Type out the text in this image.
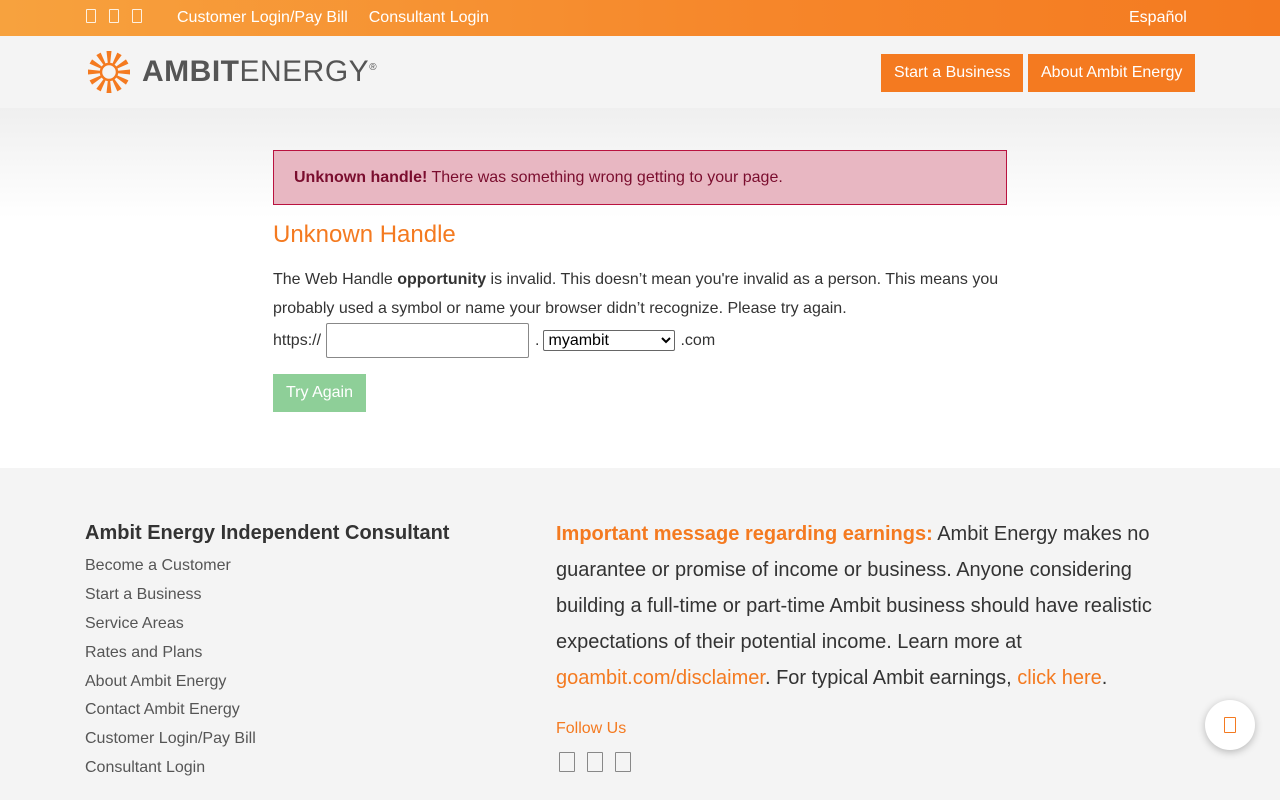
Customer Login/Pay Bill Consultant Login	Español
AMBITENERGY®	Start a Business	About Ambit Energy
Unknown handle! There was something wrong getting to your page.
Unknown Handle

The Web Handle opportunity is invalid. This doesn’t mean you're invalid as a person. This means you probably used a symbol or name your browser didn’t recognize. Please try again.

https://	.
myambit	.com
Try Again
Ambit Energy Independent Consultant
Become a Customer
Start a Business
Service Areas
Rates and Plans
About Ambit Energy
Contact Ambit Energy
Customer Login/Pay Bill
Consultant Login

Important message regarding earnings: Ambit Energy makes no guarantee or promise of income or business. Anyone considering building a full-time or part-time Ambit business should have realistic expectations of their potential income. Learn more at goambit.com/disclaimer. For typical Ambit earnings, click here.

Follow Us
